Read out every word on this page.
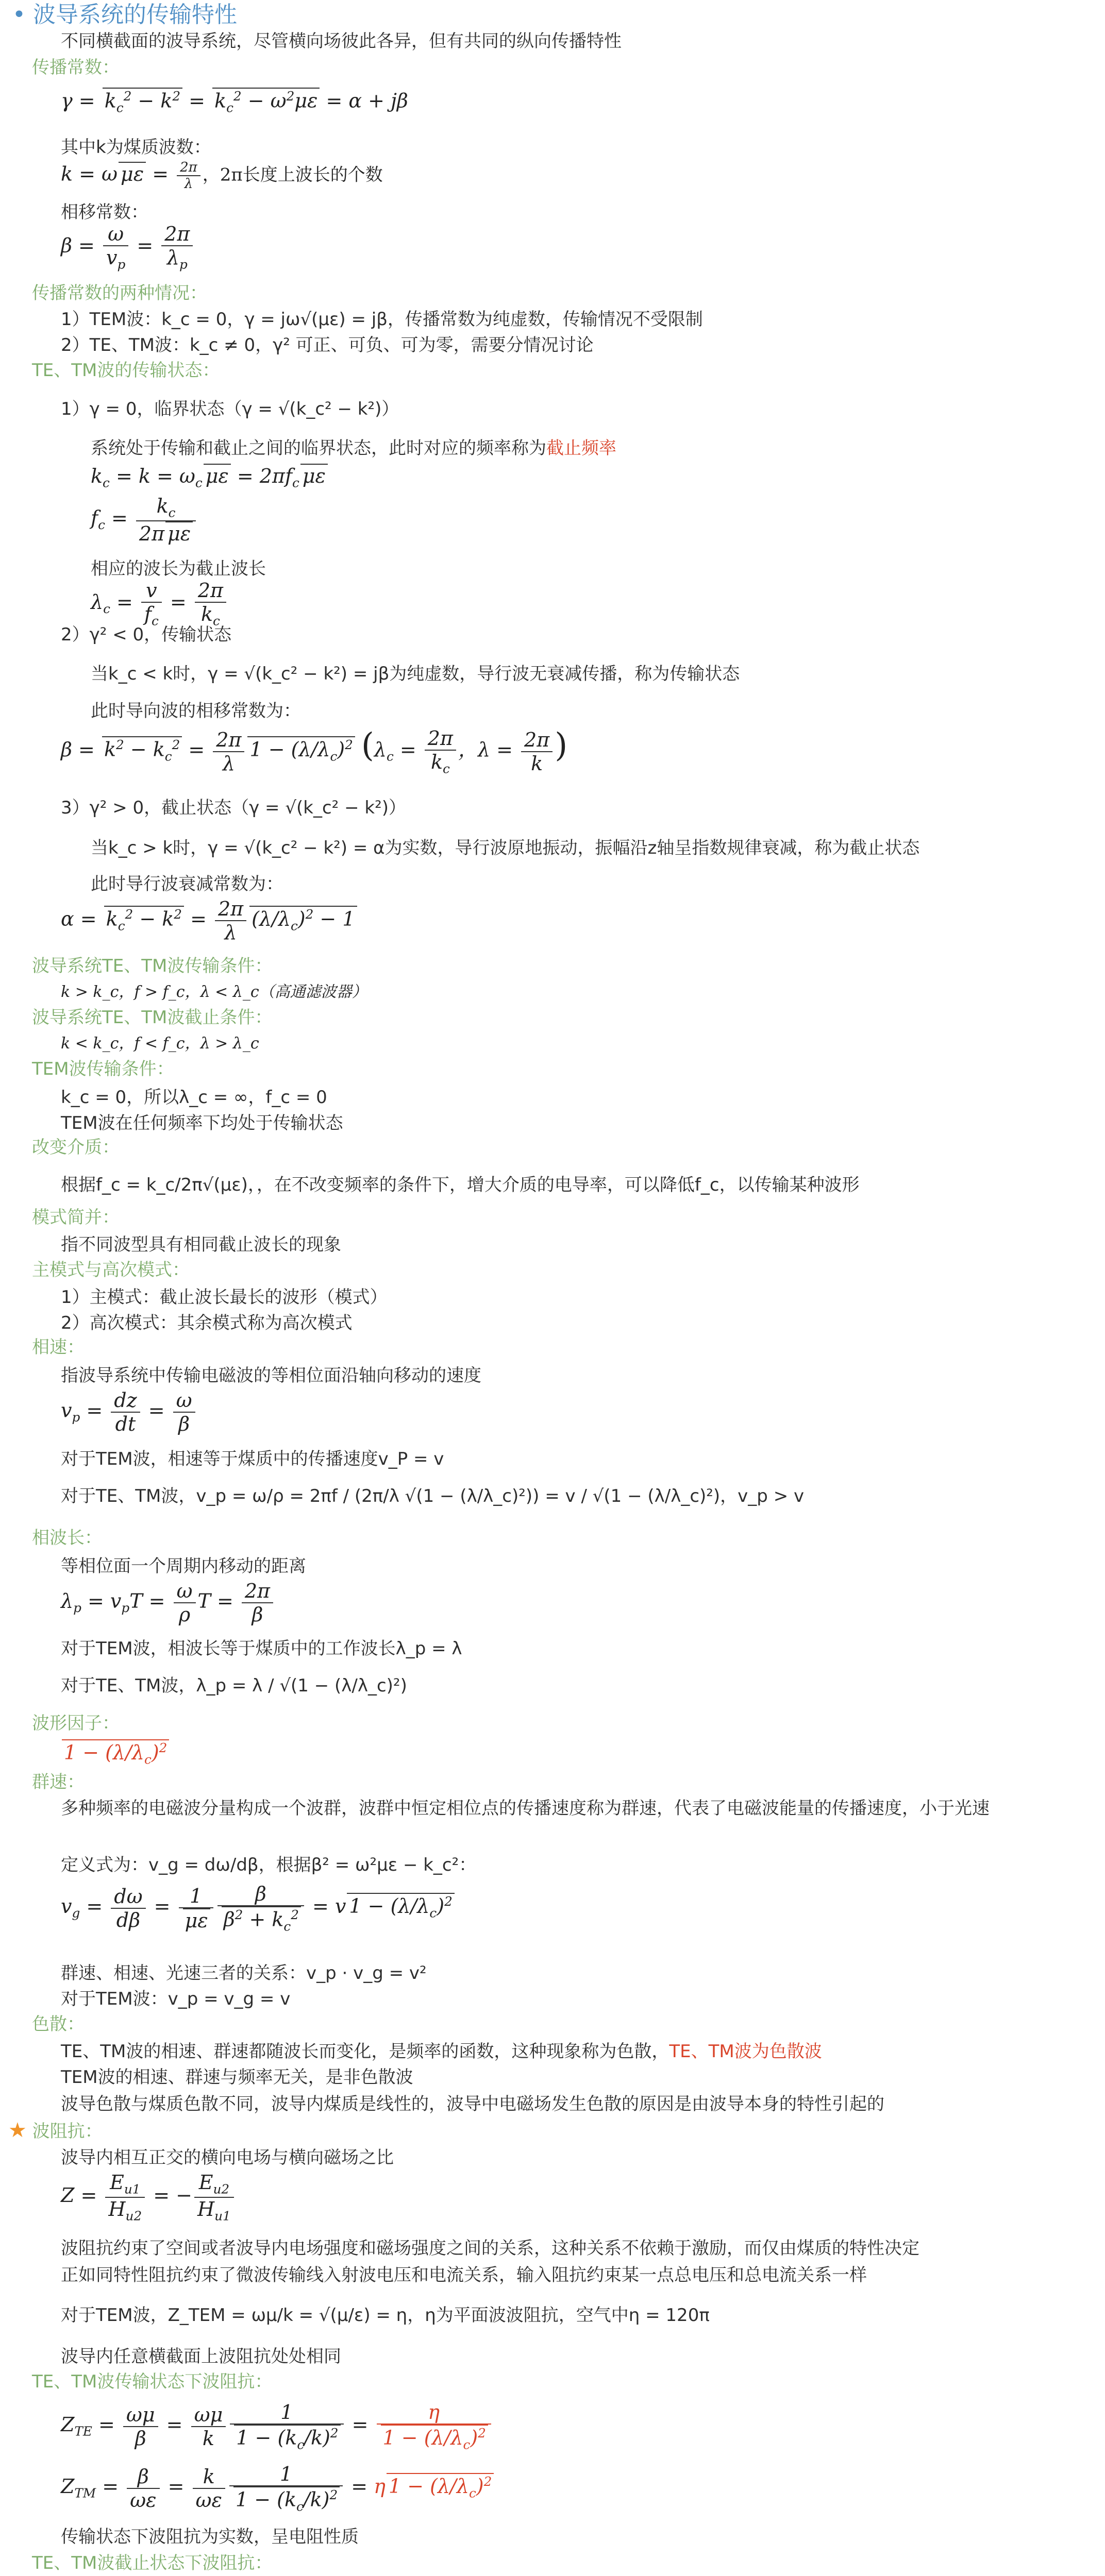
• 波导系统的传输特性
不同横截面的波导系统，尽管横向场彼此各异，但有共同的纵向传播特性
传播常数：
$\gamma = k_c^2 - k^2 = k_c^2 - \omega^2\mu\varepsilon = \alpha + j\beta$
其中k为煤质波数：
k = ω $\mu\varepsilon = \frac{2\pi}{\lambda}$ ，2π长度上波长的个数
相移常数：
$\beta = \frac{\omega}{v_p} = \frac{2\pi}{\lambda_p}$
传播常数的两种情况：
1）TEM波：k_c = 0，γ = jω√(με) = jβ，传播常数为纯虚数，传输情况不受限制
2）TE、TM波：k_c ≠ 0，γ² 可正、可负、可为零，需要分情况讨论
TE、TM波的传输状态：
1）γ = 0，临界状态（γ = √(k_c² − k²)）
系统处于传输和截止之间的临界状态，此时对应的频率称为截止频率
$k_c = k = \omega_c$ $\mu\varepsilon = 2\pi f_c$ με
$f_c = \frac{k_c}{\text{2π με}}$
相应的波长为截止波长
$\lambda_c = \frac{v}{f_c} = \frac{2\pi}{k_c}$
2）γ² < 0，传输状态
当k_c < k时，γ = √(k_c² − k²) = jβ为纯虚数，导行波无衰减传播，称为传输状态
此时导向波的相移常数为：
$\beta = k^2 - k_c^2 = \frac{2\pi}{\lambda} 1 - (\lambda/\lambda_c)^2$ ($\lambda_c = \frac{2\pi}{k_c}$ ，$\lambda = \frac{2\pi}{k}$ )
3）γ² > 0，截止状态（γ = √(k_c² − k²)）
当k_c > k时，γ = √(k_c² − k²) = α为实数，导行波原地振动，振幅沿z轴呈指数规律衰减，称为截止状态
此时导行波衰减常数为：
$\alpha = k_c^2 - k^2 = \frac{2\pi}{\lambda} (\lambda/\lambda_c)^2 - 1$
波导系统TE、TM波传输条件：
k > k_c，f > f_c，λ < λ_c（高通滤波器）
波导系统TE、TM波截止条件：
k < k_c，f < f_c，λ > λ_c
TEM波传输条件：
k_c = 0，所以λ_c = ∞，f_c = 0
TEM波在任何频率下均处于传输状态
改变介质：
根据f_c = k_c/2π√(με)，，在不改变频率的条件下，增大介质的电导率，可以降低f_c，以传输某种波形
模式简并：
指不同波型具有相同截止波长的现象
主模式与高次模式：
1）主模式：截止波长最长的波形（模式）
2）高次模式：其余模式称为高次模式
相速：
指波导系统中传输电磁波的等相位面沿轴向移动的速度
$v_p = \frac{dz}{dt} = \frac{\omega}{\beta}$
对于TEM波，相速等于煤质中的传播速度v_P = v
对于TE、TM波，v_p = ω/ρ = 2πf / (2π/λ √(1 − (λ/λ_c)²)) = v / √(1 − (λ/λ_c)²)，v_p > v
相波长：
等相位面一个周期内移动的距离
$\lambda_p = v_pT = \frac{\omega}{\rho}$ $T = \frac{2\pi}{\beta}$
对于TEM波，相波长等于煤质中的工作波长λ_p = λ
对于TE、TM波，λ_p = λ / √(1 − (λ/λ_c)²)
波形因子：
$1 - (\lambda/\lambda_c)^2$
群速：
多种频率的电磁波分量构成一个波群，波群中恒定相位点的传播速度称为群速，代表了电磁波能量的传播速度，小于光速
定义式为：v_g = dω/dβ，根据β² = ω²με − k_c²：
$v_g = \frac{d\omega}{d\beta} = \frac{1}{\mu\varepsilon} \frac{\beta}{\beta^2 + k_c^2} = v$ $1 - (\lambda/\lambda_c)^2$
群速、相速、光速三者的关系：v_p · v_g = v²
对于TEM波：v_p = v_g = v
色散：
TE、TM波的相速、群速都随波长而变化，是频率的函数，这种现象称为色散，TE、TM波为色散波
TEM波的相速、群速与频率无关，是非色散波
波导色散与煤质色散不同，波导内煤质是线性的，波导中电磁场发生色散的原因是由波导本身的特性引起的
★ 波阻抗：
波导内相互正交的横向电场与横向磁场之比
$Z = \frac{E_{u1}}{H_{u2}}$ = − $\frac{E_{u2}}{H_{u1}}$
波阻抗约束了空间或者波导内电场强度和磁场强度之间的关系，这种关系不依赖于激励，而仅由煤质的特性决定
正如同特性阻抗约束了微波传输线入射波电压和电流关系，输入阻抗约束某一点总电压和总电流关系一样
对于TEM波，Z_TEM = ωμ/k = √(μ/ε) = η，η为平面波波阻抗，空气中η = 120π
波导内任意横截面上波阻抗处处相同
TE、TM波传输状态下波阻抗：
$Z_{TE} = \frac{\omega\mu}{\beta} = \frac{\omega\mu}{k} \frac{1}{1 - (k_c/k)^2} = \frac{\eta}{1 - (\lambda/\lambda_c)^2}$
$Z_{TM} = \frac{\beta}{\omega\varepsilon} = \frac{k}{\omega\varepsilon} \frac{1}{1 - (k_c/k)^2} = \eta$ $1 - (\lambda/\lambda_c)^2$
传输状态下波阻抗为实数，呈电阻性质
TE、TM波截止状态下波阻抗：
